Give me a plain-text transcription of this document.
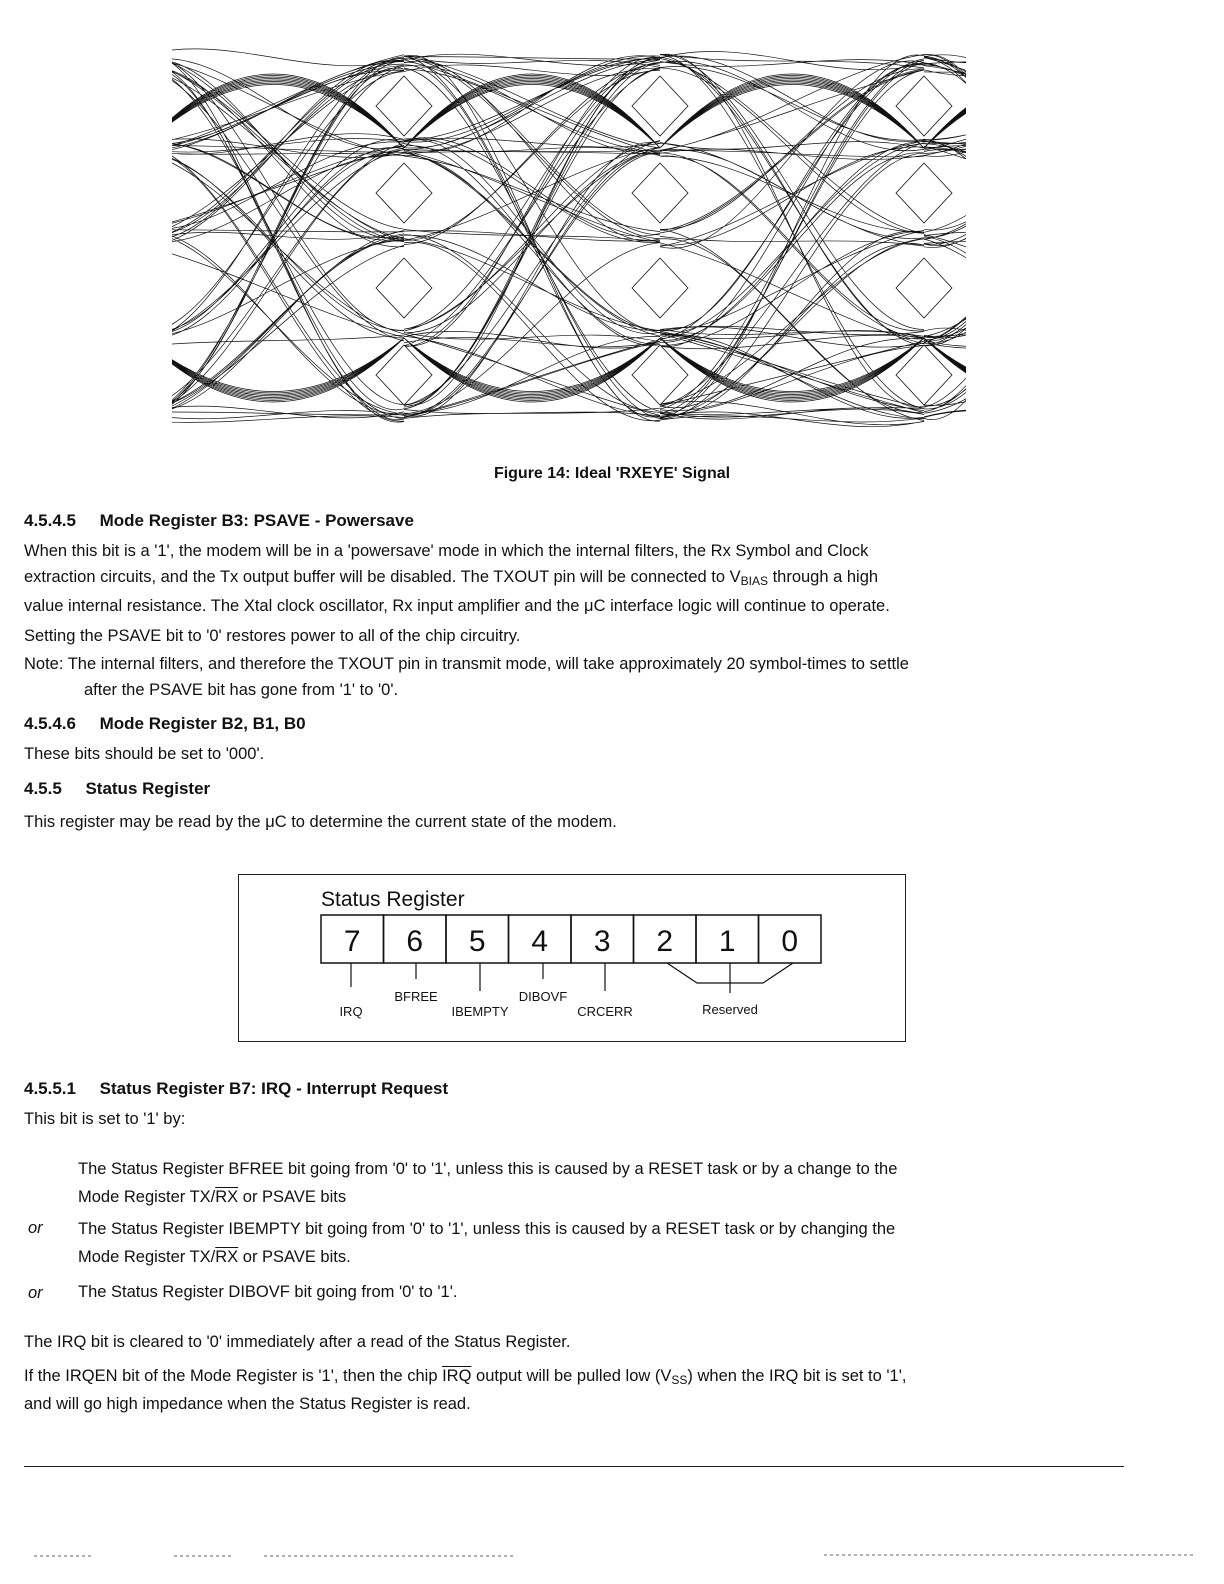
Figure 14: Ideal 'RXEYE' Signal
4.5.4.5 Mode Register B3: PSAVE - Powersave
When this bit is a '1', the modem will be in a 'powersave' mode in which the internal filters, the Rx Symbol and Clock
extraction circuits, and the Tx output buffer will be disabled. The TXOUT pin will be connected to $V_{BIAS}$ through a high
value internal resistance. The Xtal clock oscillator, Rx input amplifier and the μC interface logic will continue to operate.
Setting the PSAVE bit to '0' restores power to all of the chip circuitry.
Note: The internal filters, and therefore the TXOUT pin in transmit mode, will take approximately 20 symbol-times to settle
after the PSAVE bit has gone from '1' to '0'.
4.5.4.6 Mode Register B2, B1, B0
These bits should be set to '000'.
4.5.5 Status Register
This register may be read by the μC to determine the current state of the modem.
Status Register
7 6 5 4 3 2 1 0
IRQ
BFREE
IBEMPTY
DIBOVF
CRCERR	Reserved
4.5.5.1 Status Register B7: IRQ - Interrupt Request
This bit is set to '1' by:
The Status Register BFREE bit going from '0' to '1', unless this is caused by a RESET task or by a change to the
Mode Register $TX/\overline{RX}$ or PSAVE bits
or The Status Register IBEMPTY bit going from '0' to '1', unless this is caused by a RESET task or by changing the
Mode Register $TX/\overline{RX}$ or PSAVE bits.
or The Status Register DIBOVF bit going from '0' to '1'.
The IRQ bit is cleared to '0' immediately after a read of the Status Register.
If the IRQEN bit of the Mode Register is '1', then the chip $\overline{IRQ}$ output will be pulled low $(V_{SS})$ when the IRQ bit is set to '1',
and will go high impedance when the Status Register is read.
